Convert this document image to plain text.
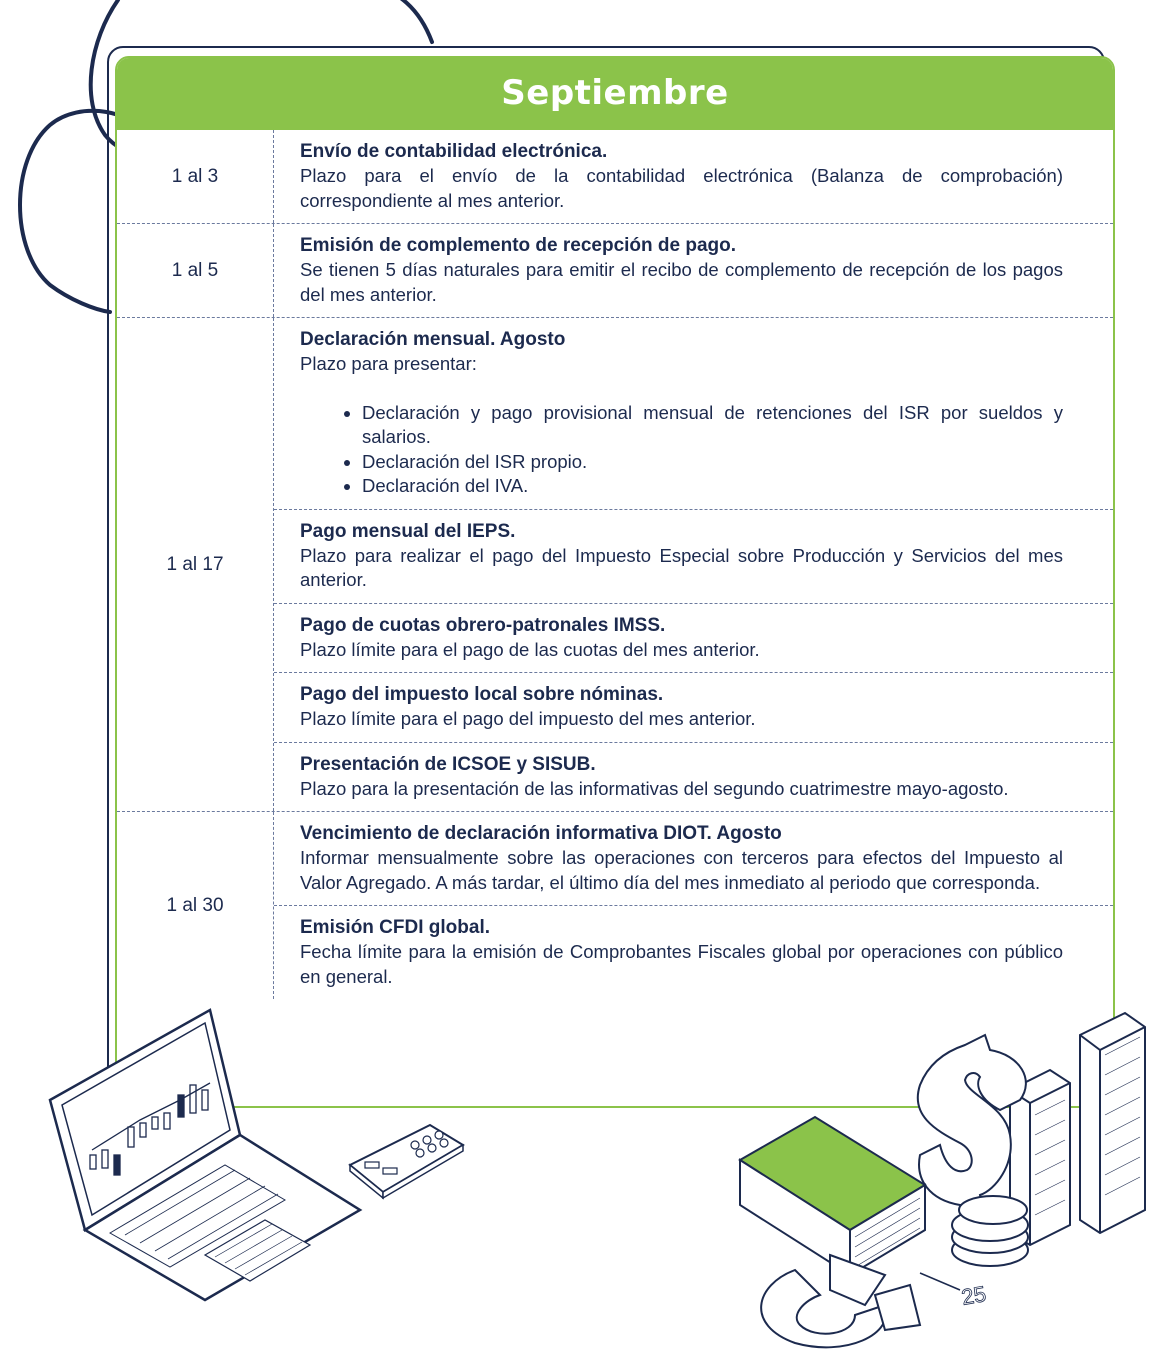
Septiembre
1 al 3
Envío de contabilidad electrónica.

Plazo para el envío de la contabilidad electrónica (Balanza de comprobación) correspondiente al mes anterior.

1 al 5
Emisión de complemento de recepción de pago.

Se tienen 5 días naturales para emitir el recibo de complemento de recepción de los pagos del mes anterior.

1 al 17
Declaración mensual. Agosto

Plazo para presentar:

• Declaración y pago provisional mensual de retenciones del ISR por sueldos y salarios.
• Declaración del ISR propio.
• Declaración del IVA.
Pago mensual del IEPS.

Plazo para realizar el pago del Impuesto Especial sobre Producción y Servicios del mes anterior.

Pago de cuotas obrero-patronales IMSS.

Plazo límite para el pago de las cuotas del mes anterior.

Pago del impuesto local sobre nóminas.

Plazo límite para el pago del impuesto del mes anterior.

Presentación de ICSOE y SISUB.

Plazo para la presentación de las informativas del segundo cuatrimestre mayo-agosto.

1 al 30
Vencimiento de declaración informativa DIOT. Agosto

Informar mensualmente sobre las operaciones con terceros para efectos del Impuesto al Valor Agregado. A más tardar, el último día del mes inmediato al periodo que corresponda.

Emisión CFDI global.

Fecha límite para la emisión de Comprobantes Fiscales global por operaciones con público en general.

25
